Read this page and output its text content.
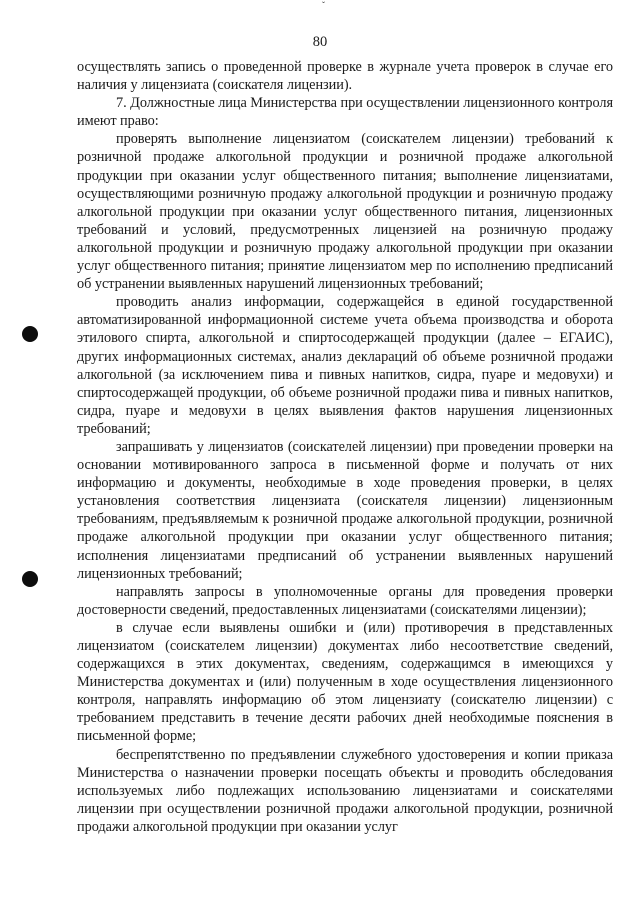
ˇ
80

осуществлять запись о проведенной проверке в журнале учета проверок в случае его наличия у лицензиата (соискателя лицензии).

7. Должностные лица Министерства при осуществлении лицензионного контроля имеют право:

проверять выполнение лицензиатом (соискателем лицензии) требований к розничной продаже алкогольной продукции и розничной продаже алкогольной продукции при оказании услуг общественного питания; выполнение лицензиатами, осуществляющими розничную продажу алкогольной продукции и розничную продажу алкогольной продукции при оказании услуг общественного питания, лицензионных требований и условий, предусмотренных лицензией на розничную продажу алкогольной продукции и розничную продажу алкогольной продукции при оказании услуг общественного питания; принятие лицензиатом мер по исполнению предписаний об устранении выявленных нарушений лицензионных требований;

проводить анализ информации, содержащейся в единой государственной автоматизированной информационной системе учета объема производства и оборота этилового спирта, алкогольной и спиртосодержащей продукции (далее – ЕГАИС), других информационных системах, анализ деклараций об объеме розничной продажи алкогольной (за исключением пива и пивных напитков, сидра, пуаре и медовухи) и спиртосодержащей продукции, об объеме розничной продажи пива и пивных напитков, сидра, пуаре и медовухи в целях выявления фактов нарушения лицензионных требований;

запрашивать у лицензиатов (соискателей лицензии) при проведении проверки на основании мотивированного запроса в письменной форме и получать от них информацию и документы, необходимые в ходе проведения проверки, в целях установления соответствия лицензиата (соискателя лицензии) лицензионным требованиям, предъявляемым к розничной продаже алкогольной продукции, розничной продаже алкогольной продукции при оказании услуг общественного питания; исполнения лицензиатами предписаний об устранении выявленных нарушений лицензионных требований;

направлять запросы в уполномоченные органы для проведения проверки достоверности сведений, предоставленных лицензиатами (соискателями лицензии);

в случае если выявлены ошибки и (или) противоречия в представленных лицензиатом (соискателем лицензии) документах либо несоответствие сведений, содержащихся в этих документах, сведениям, содержащимся в имеющихся у Министерства документах и (или) полученным в ходе осуществления лицензионного контроля, направлять информацию об этом лицензиату (соискателю лицензии) с требованием представить в течение десяти рабочих дней необходимые пояснения в письменной форме;

беспрепятственно по предъявлении служебного удостоверения и копии приказа Министерства о назначении проверки посещать объекты и проводить обследования используемых либо подлежащих использованию лицензиатами и соискателями лицензии при осуществлении розничной продажи алкогольной продукции, розничной продажи алкогольной продукции при оказании услуг
